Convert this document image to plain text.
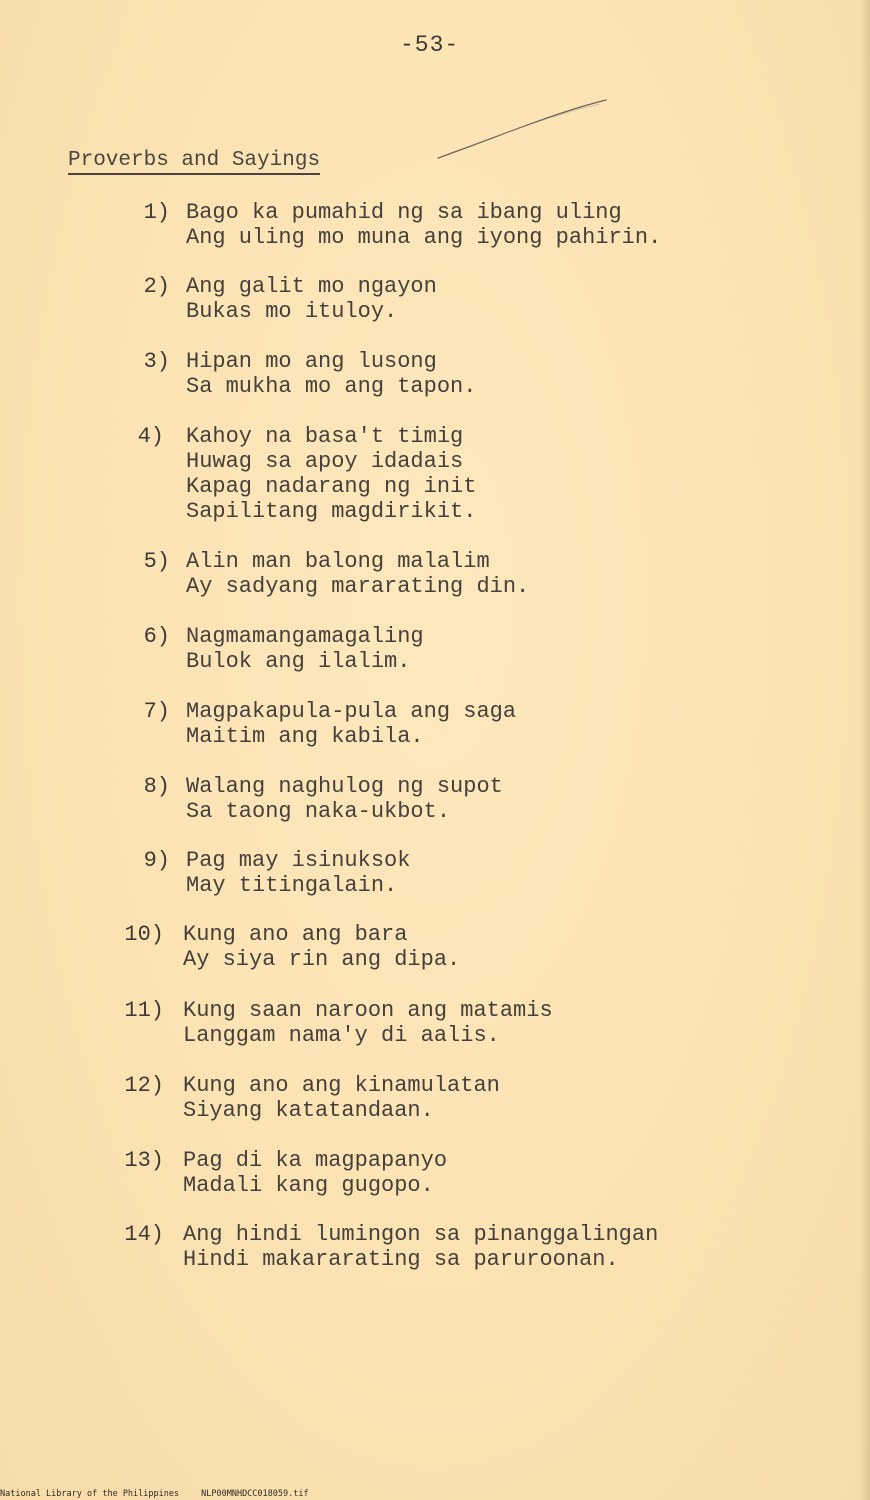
-53-
Proverbs and Sayings
1) Bago ka pumahid ng sa ibang uling
Ang uling mo muna ang iyong pahirin.
2) Ang galit mo ngayon
Bukas mo ituloy.
3) Hipan mo ang lusong
Sa mukha mo ang tapon.
4) Kahoy na basa't timig
Huwag sa apoy idadais
Kapag nadarang ng init
Sapilitang magdirikit.
5) Alin man balong malalim
Ay sadyang mararating din.
6) Nagmamangamagaling
Bulok ang ilalim.
7) Magpakapula-pula ang saga
Maitim ang kabila.
8) Walang naghulog ng supot
Sa taong naka-ukbot.
9) Pag may isinuksok
May titingalain.
10) Kung ano ang bara
Ay siya rin ang dipa.
11) Kung saan naroon ang matamis
Langgam nama'y di aalis.
12) Kung ano ang kinamulatan
Siyang katatandaan.
13) Pag di ka magpapanyo
Madali kang gugopo.
14) Ang hindi lumingon sa pinanggalingan
Hindi makararating sa paruroonan.
National Library of the Philippines	NLP00MNHDCC018059.tif
